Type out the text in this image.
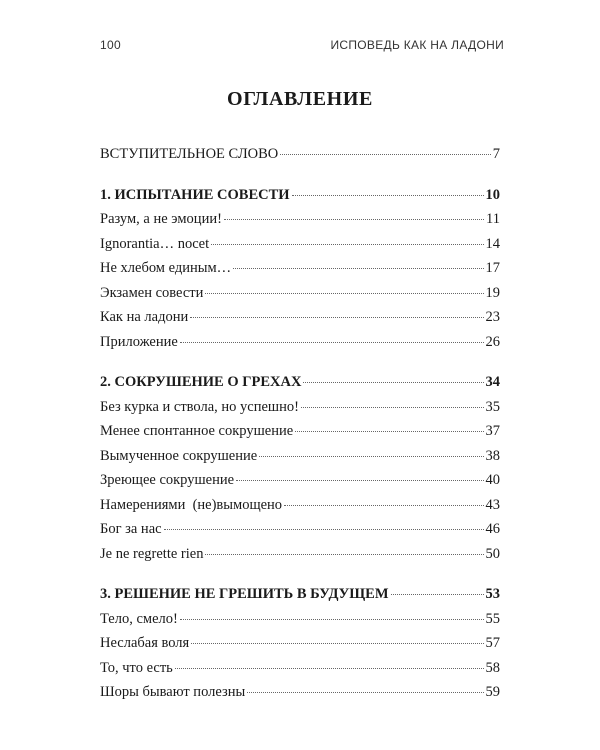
100	ИСПОВЕДЬ КАК НА ЛАДОНИ
ОГЛАВЛЕНИЕ
ВСТУПИТЕЛЬНОЕ СЛОВО	7
1. ИСПЫТАНИЕ СОВЕСТИ	10
Разум, а не эмоции!	11
Ignorantia… nocet	14
Не хлебом единым…	17
Экзамен совести	19
Как на ладони	23
Приложение	26
2. СОКРУШЕНИЕ О ГРЕХАХ	34
Без курка и ствола, но успешно!	35
Менее спонтанное сокрушение	37
Вымученное сокрушение	38
Зреющее сокрушение	40
Намерениями  (не)вымощено	43
Бог за нас	46
Je ne regrette rien	50
3. РЕШЕНИЕ НЕ ГРЕШИТЬ В БУДУЩЕМ	53
Тело, смело!	55
Неслабая воля	57
То, что есть	58
Шоры бывают полезны	59
